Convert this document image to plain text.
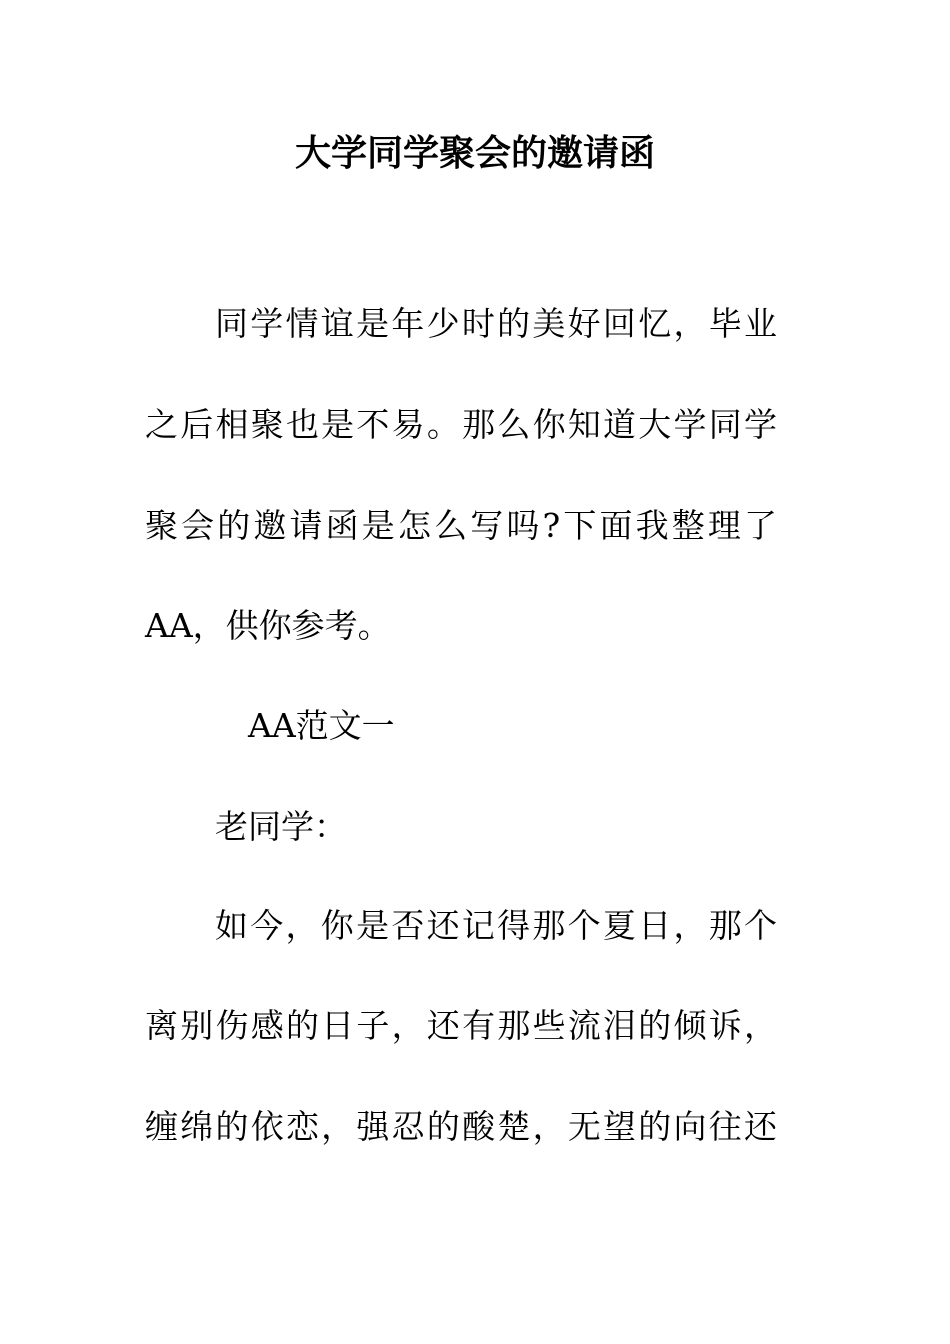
大学同学聚会的邀请函
同学情谊是年少时的美好回忆，毕业
之后相聚也是不易。那么你知道大学同学
聚会的邀请函是怎么写吗?下面我整理了
AA，供你参考。
AA范文一
老同学：
如今，你是否还记得那个夏日，那个
离别伤感的日子，还有那些流泪的倾诉，
缠绵的依恋，强忍的酸楚，无望的向往还
